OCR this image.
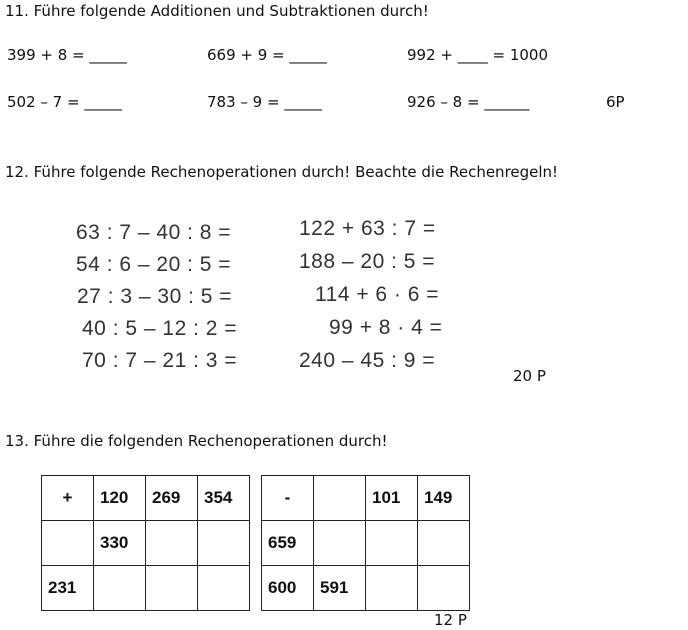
11. Führe folgende Additionen und Subtraktionen durch!
399 + 8 = _____	669 + 9 = _____	992 + ____ = 1000
502 – 7 = _____	783 – 9 = _____	926 – 8 = ______	6P
12. Führe folgende Rechenoperationen durch! Beachte die Rechenregeln!
63 : 7 – 40 : 8 =
54 : 6 – 20 : 5 =
27 : 3 – 30 : 5 =
40 : 5 – 12 : 2 =
70 : 7 – 21 : 3 =
122 + 63 : 7 =
188 – 20 : 5 =
114 + 6 · 6 =
99 + 8 · 4 =
240 – 45 : 9 =
20 P
13. Führe die folgenden Rechenoperationen durch!
+	120	269	354
	330		
231			
-		101	149
659			
600	591		
12 P
